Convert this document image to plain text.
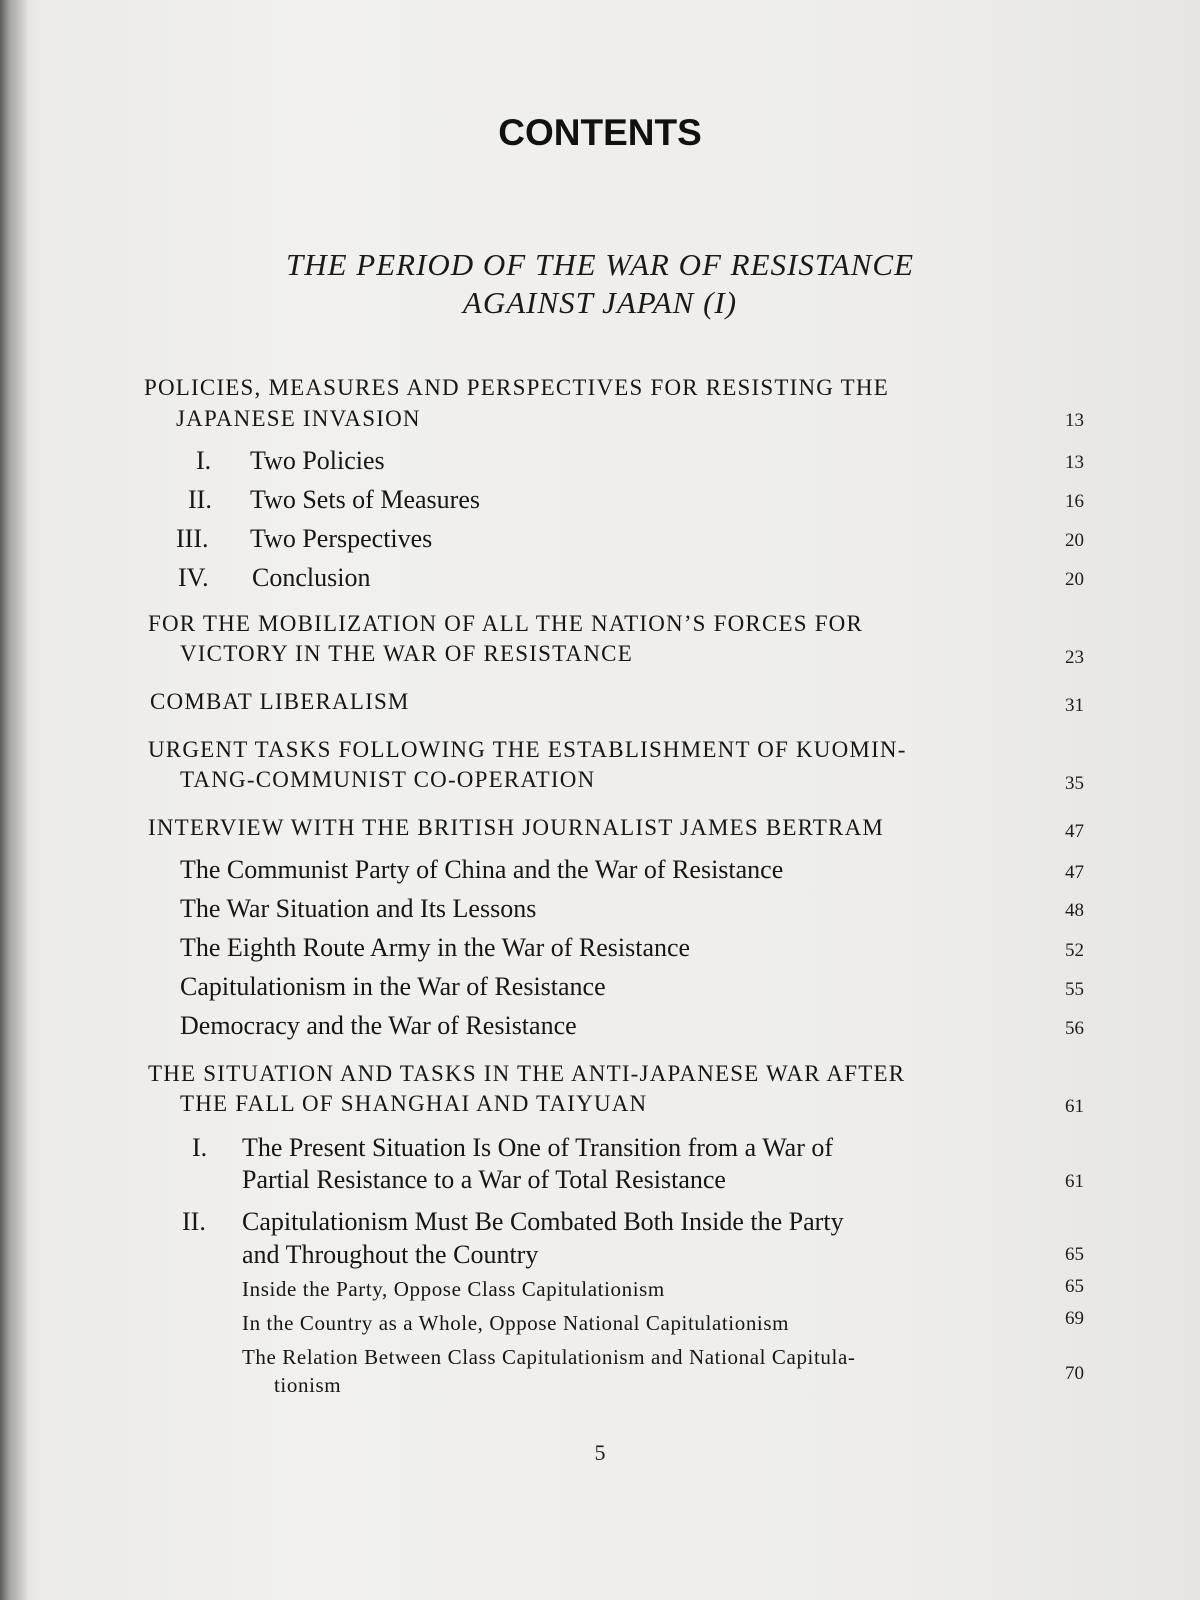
CONTENTS
THE PERIOD OF THE WAR OF RESISTANCE
AGAINST JAPAN (I)
POLICIES, MEASURES AND PERSPECTIVES FOR RESISTING THE
JAPANESE INVASION	13
I. Two Policies	13
II. Two Sets of Measures	16
III. Two Perspectives	20
IV. Conclusion	20
FOR THE MOBILIZATION OF ALL THE NATION’S FORCES FOR
VICTORY IN THE WAR OF RESISTANCE	23
COMBAT LIBERALISM	31
URGENT TASKS FOLLOWING THE ESTABLISHMENT OF KUOMIN-
TANG-COMMUNIST CO-OPERATION	35
INTERVIEW WITH THE BRITISH JOURNALIST JAMES BERTRAM	47
The Communist Party of China and the War of Resistance	47
The War Situation and Its Lessons	48
The Eighth Route Army in the War of Resistance	52
Capitulationism in the War of Resistance	55
Democracy and the War of Resistance	56
THE SITUATION AND TASKS IN THE ANTI-JAPANESE WAR AFTER
THE FALL OF SHANGHAI AND TAIYUAN	61
I. The Present Situation Is One of Transition from a War of
Partial Resistance to a War of Total Resistance	61
II. Capitulationism Must Be Combated Both Inside the Party
and Throughout the Country	65
Inside the Party, Oppose Class Capitulationism	65
In the Country as a Whole, Oppose National Capitulationism	69
The Relation Between Class Capitulationism and National Capitula-
tionism	70
5
